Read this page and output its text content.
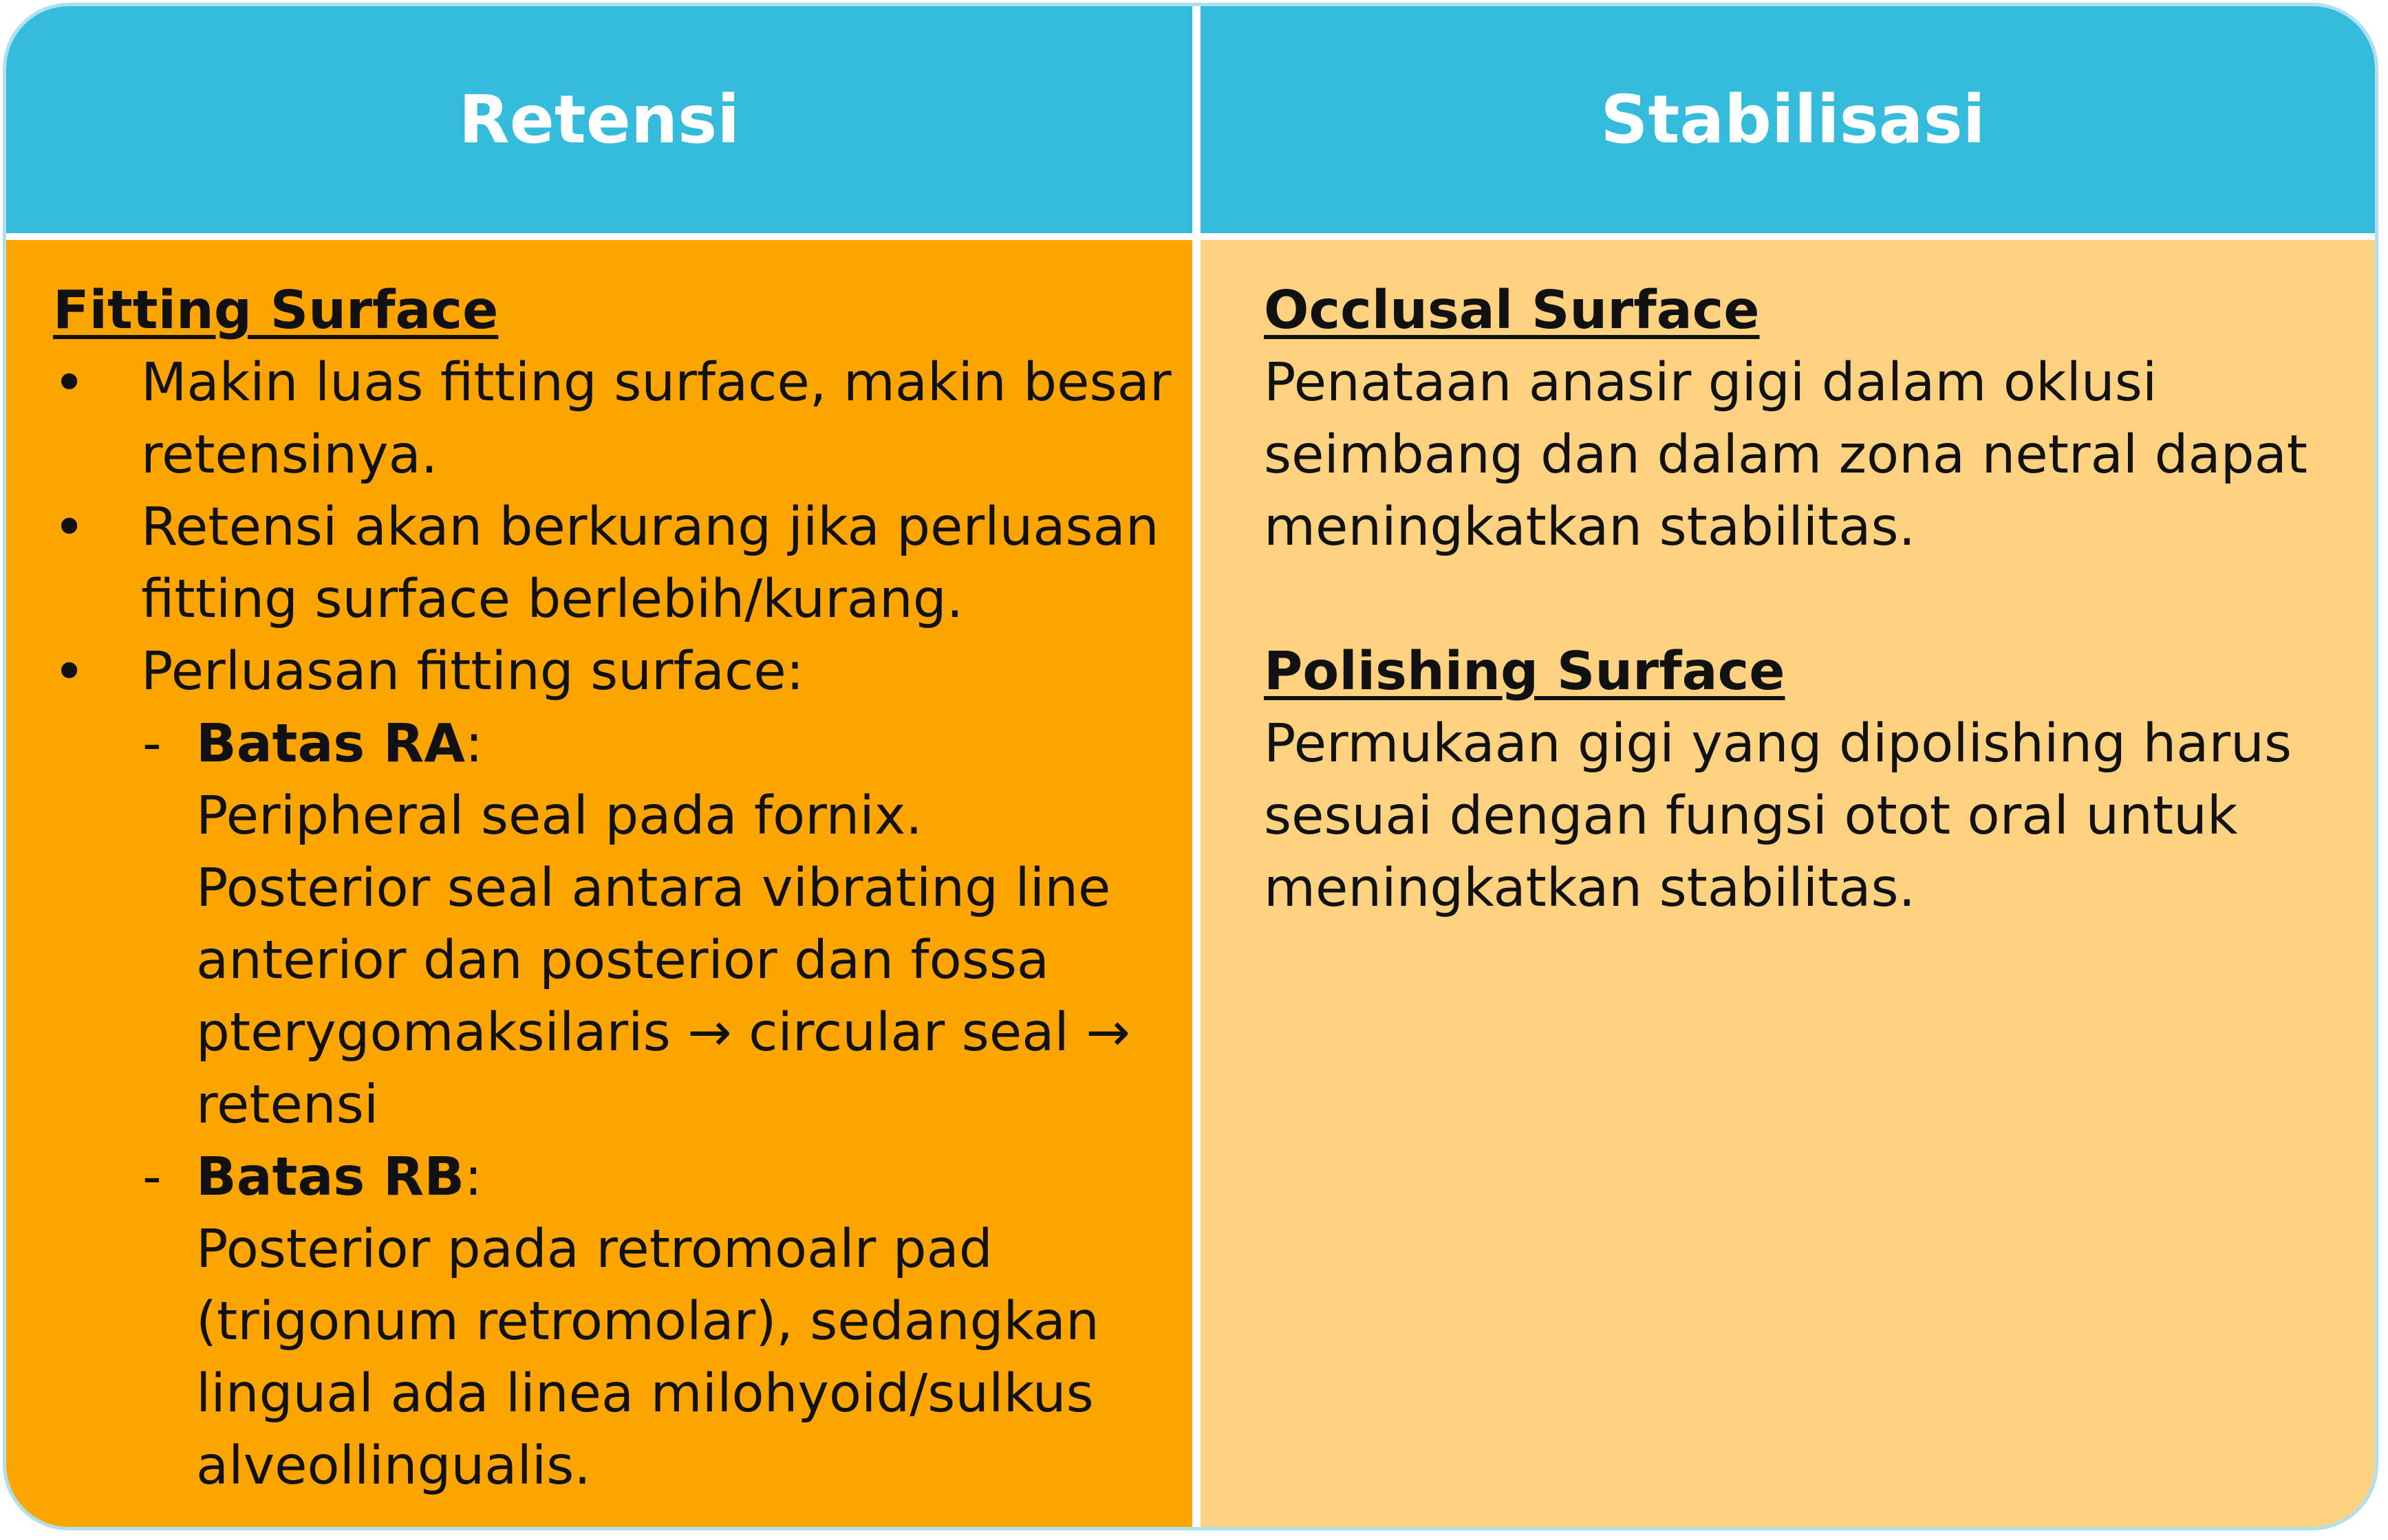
Retensi	Stabilisasi
Fitting Surface
• Makin luas fitting surface, makin besar retensinya.
• Retensi akan berkurang jika perluasan fitting surface berlebih/kurang.
• Perluasan fitting surface:
- Batas RA:
Peripheral seal pada fornix.
Posterior seal antara vibrating line anterior dan posterior dan fossa pterygomaksilaris → circular seal → retensi
- Batas RB:
Posterior pada retromoalr pad (trigonum retromolar), sedangkan lingual ada linea milohyoid/sulkus alveollingualis.
Occlusal Surface
Penataan anasir gigi dalam oklusi seimbang dan dalam zona netral dapat meningkatkan stabilitas.
Polishing Surface
Permukaan gigi yang dipolishing harus sesuai dengan fungsi otot oral untuk meningkatkan stabilitas.
